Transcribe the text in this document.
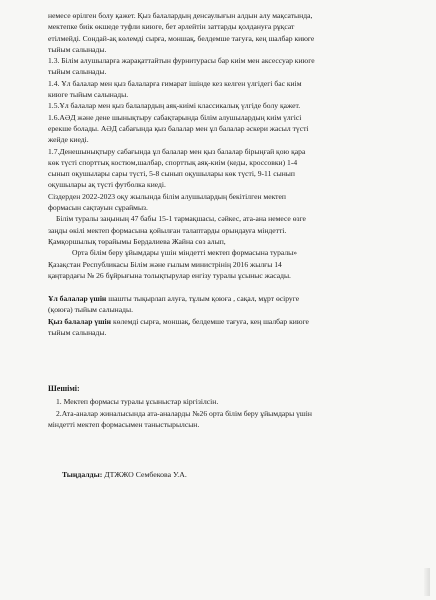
немесе өрілген болу қажет. Қыз балалардың денсаулығын алдын алу мақсатында,
мектепке биік өкшеде туфли киюге, бет әрлейтін заттарды қолдануға рұқсат
етілмейді. Сондай-ақ көлемді сырға, моншақ, белдемше тағуға, кең шалбар киюге
тыйым салынады.
1.3. Білім алушыларға жарақаттайтын фурнитурасы бар киім мен аксессуар киюге
тыйым салынады.
1.4. Ұл балалар мен қыз балаларға ғимарат ішінде кез келген үлгідегі бас киім
киюге тыйым салынады.
1.5.Ұл балалар мен қыз балалардың аяқ-киімі классикалық үлгіде болу қажет.
1.6.АӘД және дене шынықтыру сабақтарында білім алушылардың киім үлгісі
ерекше болады. АӘД сабағында қыз балалар мен ұл балалар әскери жасыл түсті
жейде киеді.
1.7.Денешынықтыру сабағында ұл балалар мен қыз балалар бірыңғай қою қара
көк түсті спорттық костюм,шалбар, спорттық аяқ-киім (кеды, кроссовки) 1-4
сынып оқушылары сары түсті, 5-8 сынып оқушылары көк түсті, 9-11 сынып
оқушылары ақ түсті футболка киеді.
Сіздерден 2022-2023 оқу жылында білім алушылардың бекітілген мектеп
формасын сақтауын сұраймыз.
Білім туралы заңының 47 бабы 15-1 тармақшасы, сәйкес, ата-ана немесе өзге
заңды өкілі мектеп формасына қойылған талаптарды орындауға міндетті.
Қамқоршылық төрайымы Бердалиева Жайна сөз алып,
Орта білім беру ұйымдары үшін міндетті мектеп формасына туралы»
Қазақстан Республикасы Білім және ғылым министрінің 2016 жылғы 14
қаңтардағы № 26 бұйрығына толықтырулар енгізу туралы ұсыныс жасады.
Ұл балалар үшін шашты тықырлап алуға, тұлым қоюға , сақал, мұрт өсіруге
(қоюға) тыйым салынады.
Қыз балалар үшін көлемді сырға, моншақ, белдемше тағуға, кең шалбар киюге
тыйым салынады.
Шешімі:
1. Мектеп формасы туралы ұсыныстар кіргізілсін.
2.Ата-аналар жиналысында ата-аналарды №26 орта білім беру ұйымдары үшін
міндетті мектеп формасымен таныстырылсын.
Тыңдалды: ДТЖЖО Сембекова У.А.
